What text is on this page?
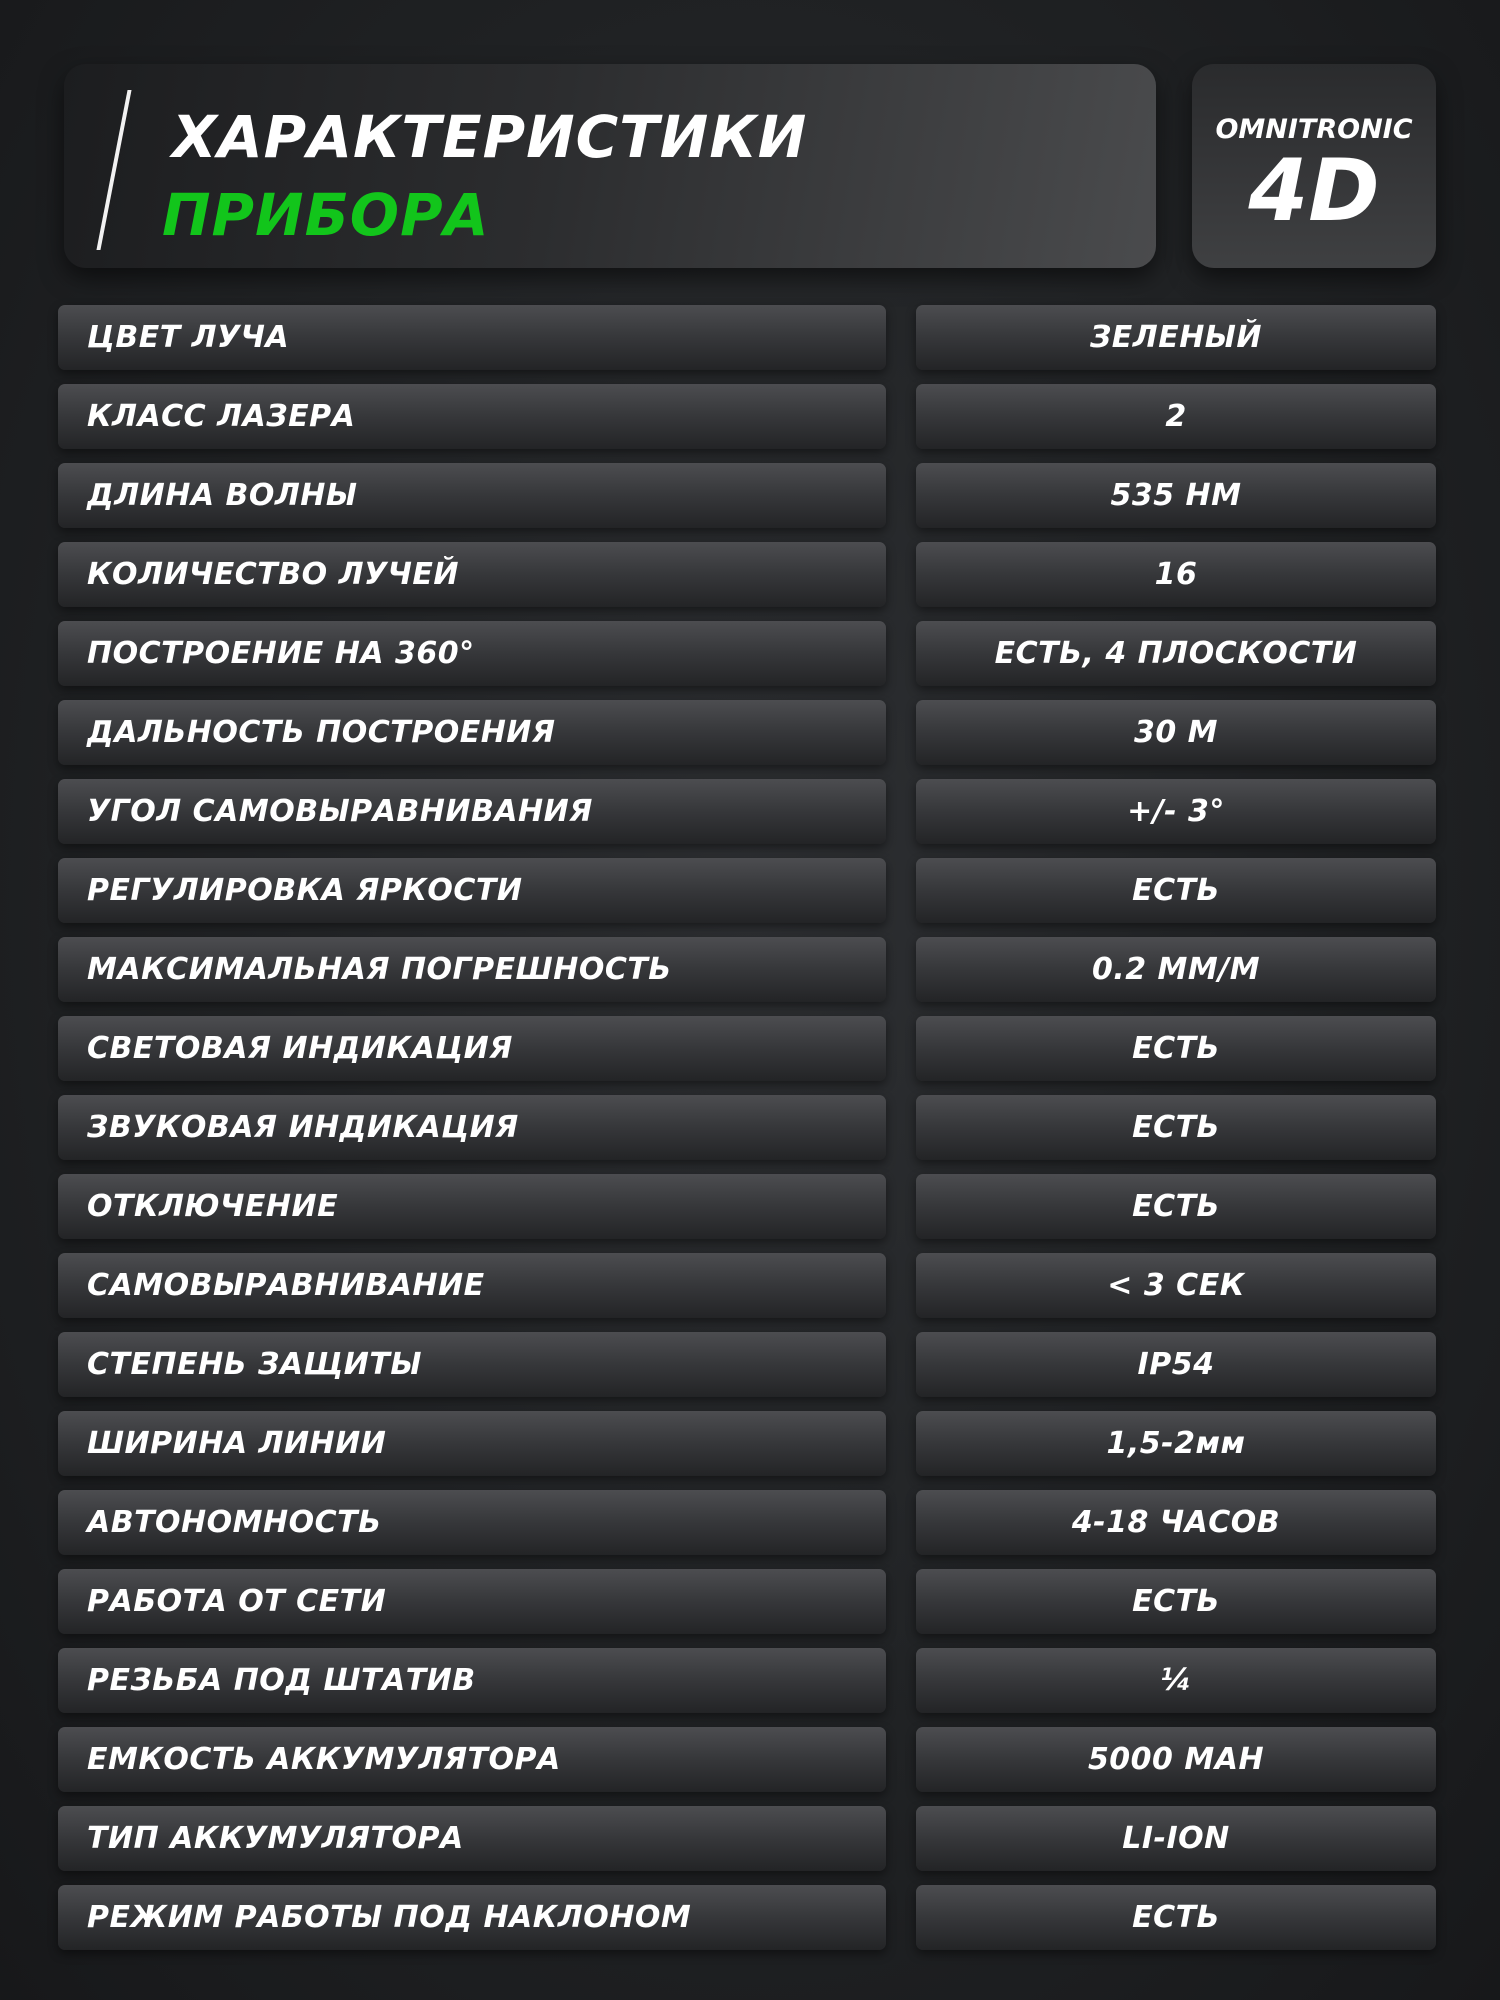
ХАРАКТЕРИСТИКИ
ПРИБОРА
OMNITRONIC
4D
ЦВЕТ ЛУЧА	ЗЕЛЕНЫЙ
КЛАСС ЛАЗЕРА	2
ДЛИНА ВОЛНЫ	535 НМ
КОЛИЧЕСТВО ЛУЧЕЙ	16
ПОСТРОЕНИЕ НА 360°	ЕСТЬ, 4 ПЛОСКОСТИ
ДАЛЬНОСТЬ ПОСТРОЕНИЯ	30 М
УГОЛ САМОВЫРАВНИВАНИЯ	+/- 3°
РЕГУЛИРОВКА ЯРКОСТИ	ЕСТЬ
МАКСИМАЛЬНАЯ ПОГРЕШНОСТЬ	0.2 ММ/М
СВЕТОВАЯ ИНДИКАЦИЯ	ЕСТЬ
ЗВУКОВАЯ ИНДИКАЦИЯ	ЕСТЬ
ОТКЛЮЧЕНИЕ	ЕСТЬ
САМОВЫРАВНИВАНИЕ	< 3 СЕК
СТЕПЕНЬ ЗАЩИТЫ	IP54
ШИРИНА ЛИНИИ	1,5-2мм
АВТОНОМНОСТЬ	4-18 ЧАСОВ
РАБОТА ОТ СЕТИ	ЕСТЬ
РЕЗЬБА ПОД ШТАТИВ	¼
ЕМКОСТЬ АККУМУЛЯТОРА	5000 МАН
ТИП АККУМУЛЯТОРА	LI-ION
РЕЖИМ РАБОТЫ ПОД НАКЛОНОМ	ЕСТЬ
